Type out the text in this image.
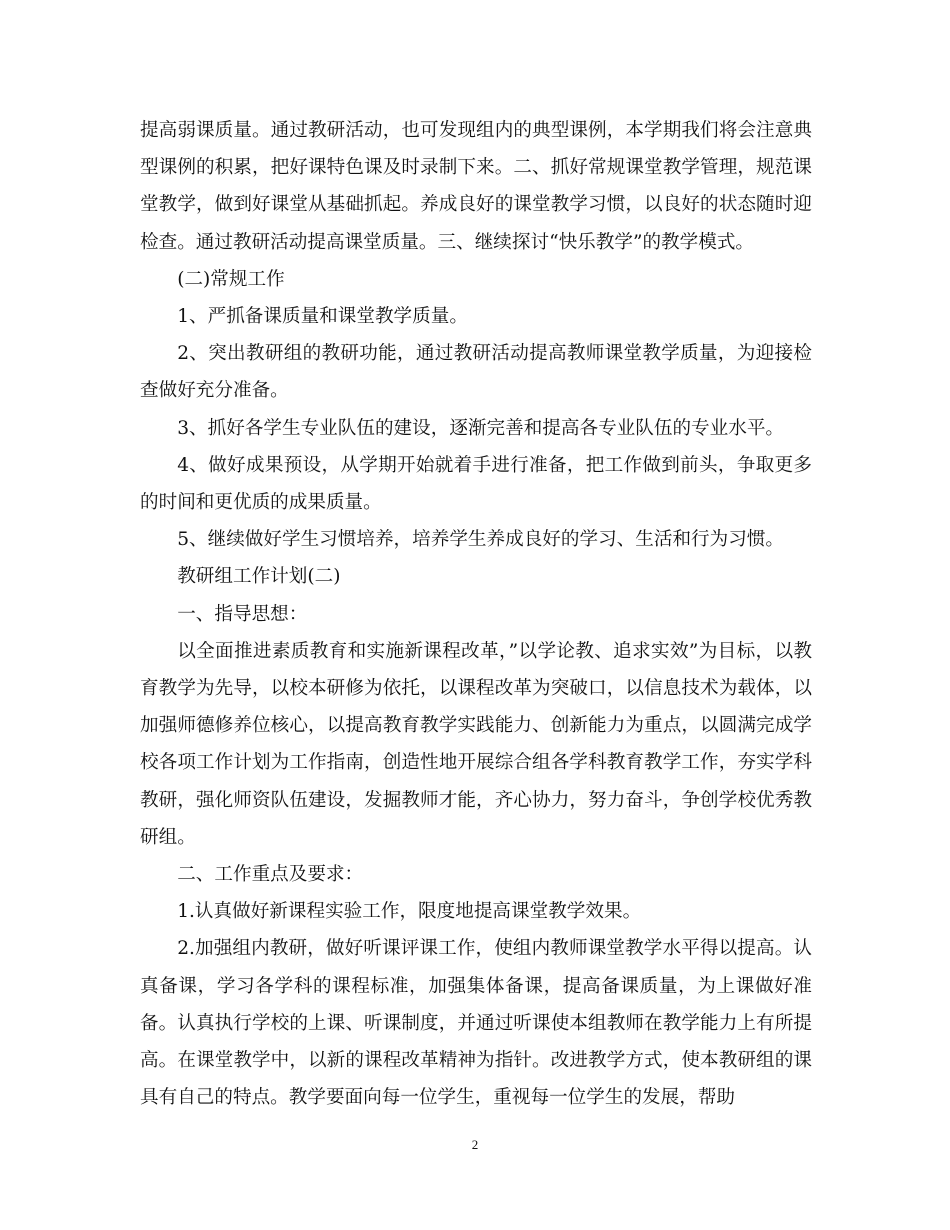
提高弱课质量。通过教研活动，也可发现组内的典型课例，本学期我们将会注意典型课例的积累，把好课特色课及时录制下来。二、抓好常规课堂教学管理，规范课堂教学，做到好课堂从基础抓起。养成良好的课堂教学习惯，以良好的状态随时迎检查。通过教研活动提高课堂质量。三、继续探讨“快乐教学”的教学模式。

(二)常规工作

1、严抓备课质量和课堂教学质量。

2、突出教研组的教研功能，通过教研活动提高教师课堂教学质量，为迎接检查做好充分准备。

3、抓好各学生专业队伍的建设，逐渐完善和提高各专业队伍的专业水平。

4、做好成果预设，从学期开始就着手进行准备，把工作做到前头，争取更多的时间和更优质的成果质量。

5、继续做好学生习惯培养，培养学生养成良好的学习、生活和行为习惯。

教研组工作计划(二)

一、指导思想：

以全面推进素质教育和实施新课程改革，”以学论教、追求实效”为目标，以教育教学为先导，以校本研修为依托，以课程改革为突破口，以信息技术为载体，以加强师德修养位核心，以提高教育教学实践能力、创新能力为重点，以圆满完成学校各项工作计划为工作指南，创造性地开展综合组各学科教育教学工作，夯实学科教研，强化师资队伍建设，发掘教师才能，齐心协力，努力奋斗，争创学校优秀教研组。

二、工作重点及要求：

1.认真做好新课程实验工作，限度地提高课堂教学效果。

2.加强组内教研，做好听课评课工作，使组内教师课堂教学水平得以提高。认真备课，学习各学科的课程标准，加强集体备课，提高备课质量，为上课做好准备。认真执行学校的上课、听课制度，并通过听课使本组教师在教学能力上有所提高。在课堂教学中，以新的课程改革精神为指针。改进教学方式，使本教研组的课具有自己的特点。教学要面向每一位学生，重视每一位学生的发展，帮助

2
